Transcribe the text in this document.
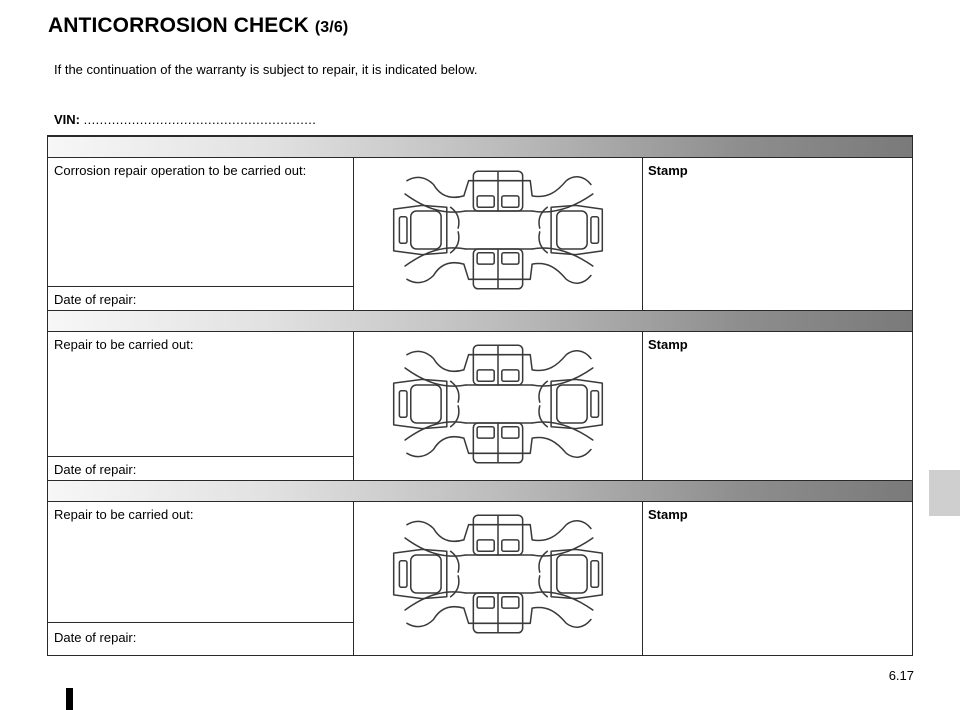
ANTICORROSION CHECK (3/6)
If the continuation of the warranty is subject to repair, it is indicated below.
VIN: ..........................................................
Corrosion repair operation to be carried out:
Date of repair:
Stamp
Repair to be carried out:
Date of repair:
Stamp
Repair to be carried out:
Date of repair:
Stamp
6.17
